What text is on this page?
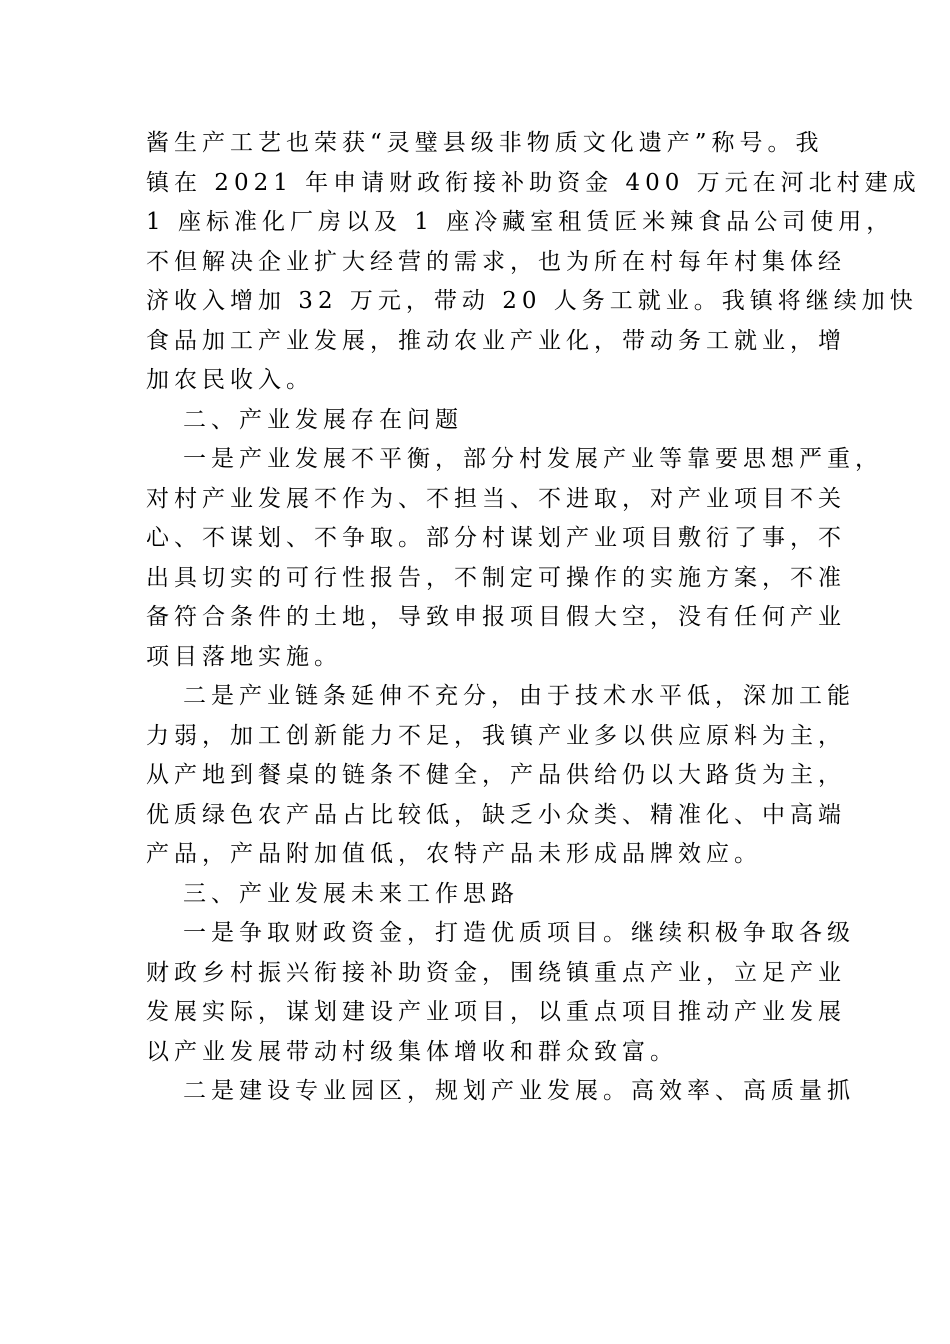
酱生产工艺也荣获“灵璧县级非物质文化遗产”称号。我
镇在 2021 年申请财政衔接补助资金 400 万元在河北村建成
1 座标准化厂房以及 1 座冷藏室租赁匠米辣食品公司使用，
不但解决企业扩大经营的需求，也为所在村每年村集体经
济收入增加 32 万元，带动 20 人务工就业。我镇将继续加快
食品加工产业发展，推动农业产业化，带动务工就业，增
加农民收入。
二、产业发展存在问题
一是产业发展不平衡，部分村发展产业等靠要思想严重，
对村产业发展不作为、不担当、不进取，对产业项目不关
心、不谋划、不争取。部分村谋划产业项目敷衍了事，不
出具切实的可行性报告，不制定可操作的实施方案，不准
备符合条件的土地，导致申报项目假大空，没有任何产业
项目落地实施。
二是产业链条延伸不充分，由于技术水平低，深加工能
力弱，加工创新能力不足，我镇产业多以供应原料为主，
从产地到餐桌的链条不健全，产品供给仍以大路货为主，
优质绿色农产品占比较低，缺乏小众类、精准化、中高端
产品，产品附加值低，农特产品未形成品牌效应。
三、产业发展未来工作思路
一是争取财政资金，打造优质项目。继续积极争取各级
财政乡村振兴衔接补助资金，围绕镇重点产业，立足产业
发展实际，谋划建设产业项目，以重点项目推动产业发展
以产业发展带动村级集体增收和群众致富。
二是建设专业园区，规划产业发展。高效率、高质量抓
